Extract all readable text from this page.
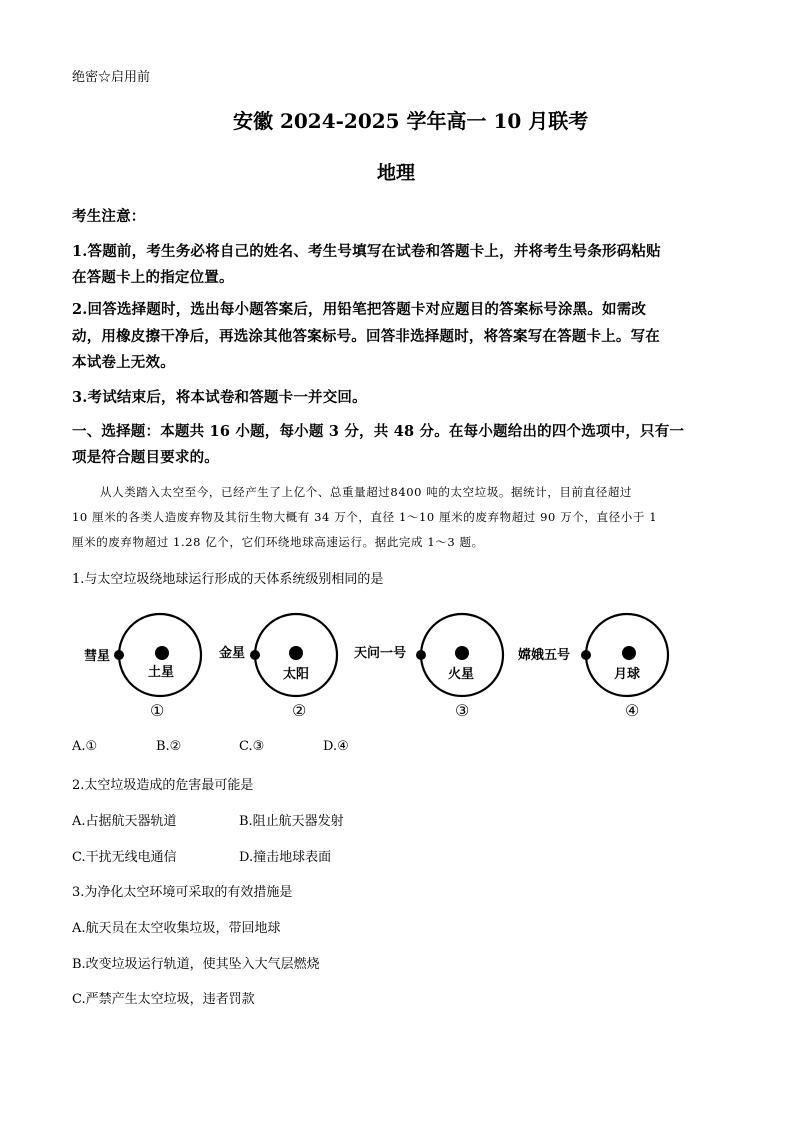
绝密☆启用前
安徽 2024-2025 学年高一 10 月联考
地理
考生注意：
1.答题前，考生务必将自己的姓名、考生号填写在试卷和答题卡上，并将考生号条形码粘贴
在答题卡上的指定位置。
2.回答选择题时，选出每小题答案后，用铅笔把答题卡对应题目的答案标号涂黑。如需改
动，用橡皮擦干净后，再选涂其他答案标号。回答非选择题时，将答案写在答题卡上。写在
本试卷上无效。
3.考试结束后，将本试卷和答题卡一并交回。
一、选择题：本题共 16 小题，每小题 3 分，共 48 分。在每小题给出的四个选项中，只有一
项是符合题目要求的。
从人类踏入太空至今，已经产生了上亿个、总重量超过8400 吨的太空垃圾。据统计，目前直径超过
10 厘米的各类人造废弃物及其衍生物大概有 34 万个，直径 1～10 厘米的废弃物超过 90 万个，直径小于 1
厘米的废弃物超过 1.28 亿个，它们环绕地球高速运行。据此完成 1～3 题。
1.与太空垃圾绕地球运行形成的天体系统级别相同的是
彗星
土星
①
金星
太阳
②
天问一号
火星
③
嫦娥五号
月球
④
A.①	B.②	C.③	D.④
2.太空垃圾造成的危害最可能是
A.占据航天器轨道	B.阻止航天器发射
C.干扰无线电通信	D.撞击地球表面
3.为净化太空环境可采取的有效措施是
A.航天员在太空收集垃圾，带回地球
B.改变垃圾运行轨道，使其坠入大气层燃烧
C.严禁产生太空垃圾，违者罚款
